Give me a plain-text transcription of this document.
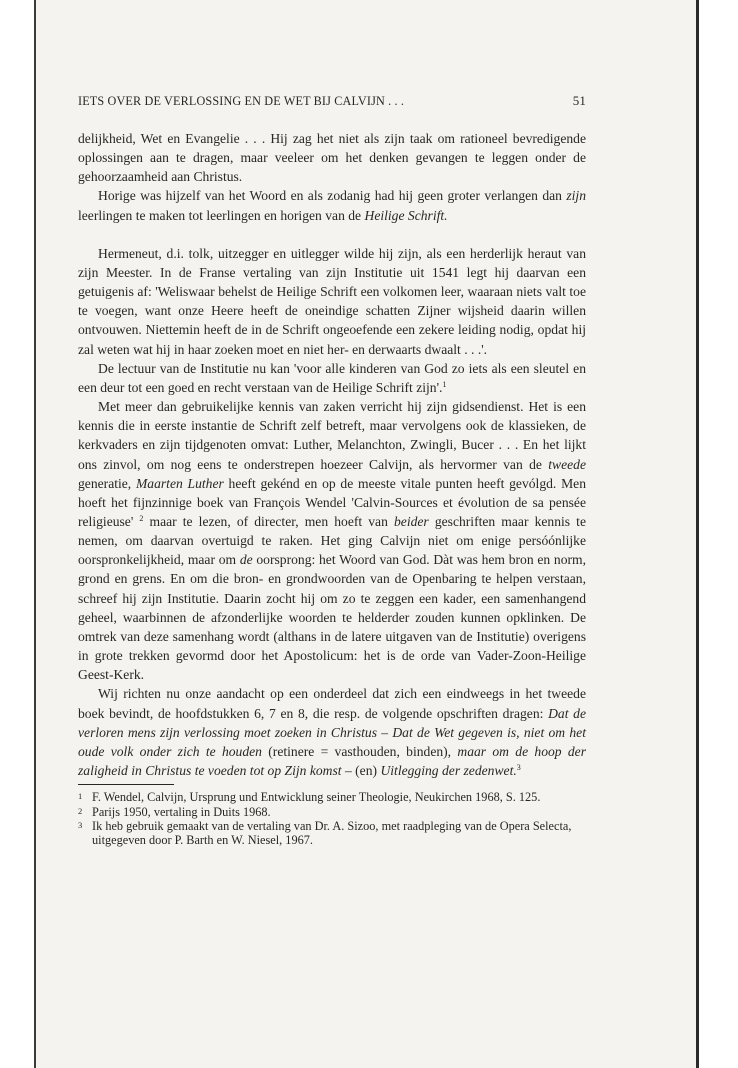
IETS OVER DE VERLOSSING EN DE WET BIJ CALVIJN . . .	51

delijkheid, Wet en Evangelie . . . Hij zag het niet als zijn taak om rationeel bevredigende oplossingen aan te dragen, maar veeleer om het denken gevangen te leggen onder de gehoorzaamheid aan Christus.

Horige was hijzelf van het Woord en als zodanig had hij geen groter verlangen dan zijn leerlingen te maken tot leerlingen en horigen van de Heilige Schrift.

Hermeneut, d.i. tolk, uitzegger en uitlegger wilde hij zijn, als een herderlijk heraut van zijn Meester. In de Franse vertaling van zijn Institutie uit 1541 legt hij daarvan een getuigenis af: 'Weliswaar behelst de Heilige Schrift een volkomen leer, waaraan niets valt toe te voegen, want onze Heere heeft de oneindige schatten Zijner wijsheid daarin willen ontvouwen. Niettemin heeft de in de Schrift ongeoefende een zekere leiding nodig, opdat hij zal weten wat hij in haar zoeken moet en niet her- en derwaarts dwaalt . . .'.

De lectuur van de Institutie nu kan 'voor alle kinderen van God zo iets als een sleutel en een deur tot een goed en recht verstaan van de Heilige Schrift zijn'.$^1$

Met meer dan gebruikelijke kennis van zaken verricht hij zijn gidsendienst. Het is een kennis die in eerste instantie de Schrift zelf betreft, maar vervolgens ook de klassieken, de kerkvaders en zijn tijdgenoten omvat: Luther, Melanchton, Zwingli, Bucer . . . En het lijkt ons zinvol, om nog eens te onderstrepen hoezeer Calvijn, als hervormer van de tweede generatie, Maarten Luther heeft gekénd en op de meeste vitale punten heeft gevólgd. Men hoeft het fijnzinnige boek van François Wendel 'Calvin-Sources et évolution de sa pensée religieuse' $^2$ maar te lezen, of directer, men hoeft van beider geschriften maar kennis te nemen, om daarvan overtuigd te raken. Het ging Calvijn niet om enige persóónlijke oorspronkelijkheid, maar om de oorsprong: het Woord van God. Dàt was hem bron en norm, grond en grens. En om die bron- en grondwoorden van de Openbaring te helpen verstaan, schreef hij zijn Institutie. Daarin zocht hij om zo te zeggen een kader, een samenhangend geheel, waarbinnen de afzonderlijke woorden te helderder zouden kunnen opklinken. De omtrek van deze samenhang wordt (althans in de latere uitgaven van de Institutie) overigens in grote trekken gevormd door het Apostolicum: het is de orde van Vader-Zoon-Heilige Geest-Kerk.

Wij richten nu onze aandacht op een onderdeel dat zich een eindweegs in het tweede boek bevindt, de hoofdstukken 6, 7 en 8, die resp. de volgende opschriften dragen: Dat de verloren mens zijn verlossing moet zoeken in Christus – Dat de Wet gegeven is, niet om het oude volk onder zich te houden (retinere = vasthouden, binden), maar om de hoop der zaligheid in Christus te voeden tot op Zijn komst – (en) Uitlegging der zedenwet.$^3$

1 F. Wendel, Calvijn, Ursprung und Entwicklung seiner Theologie, Neukirchen 1968, S. 125.
2 Parijs 1950, vertaling in Duits 1968.
3 Ik heb gebruik gemaakt van de vertaling van Dr. A. Sizoo, met raadpleging van de Opera Selecta, uitgegeven door P. Barth en W. Niesel, 1967.
